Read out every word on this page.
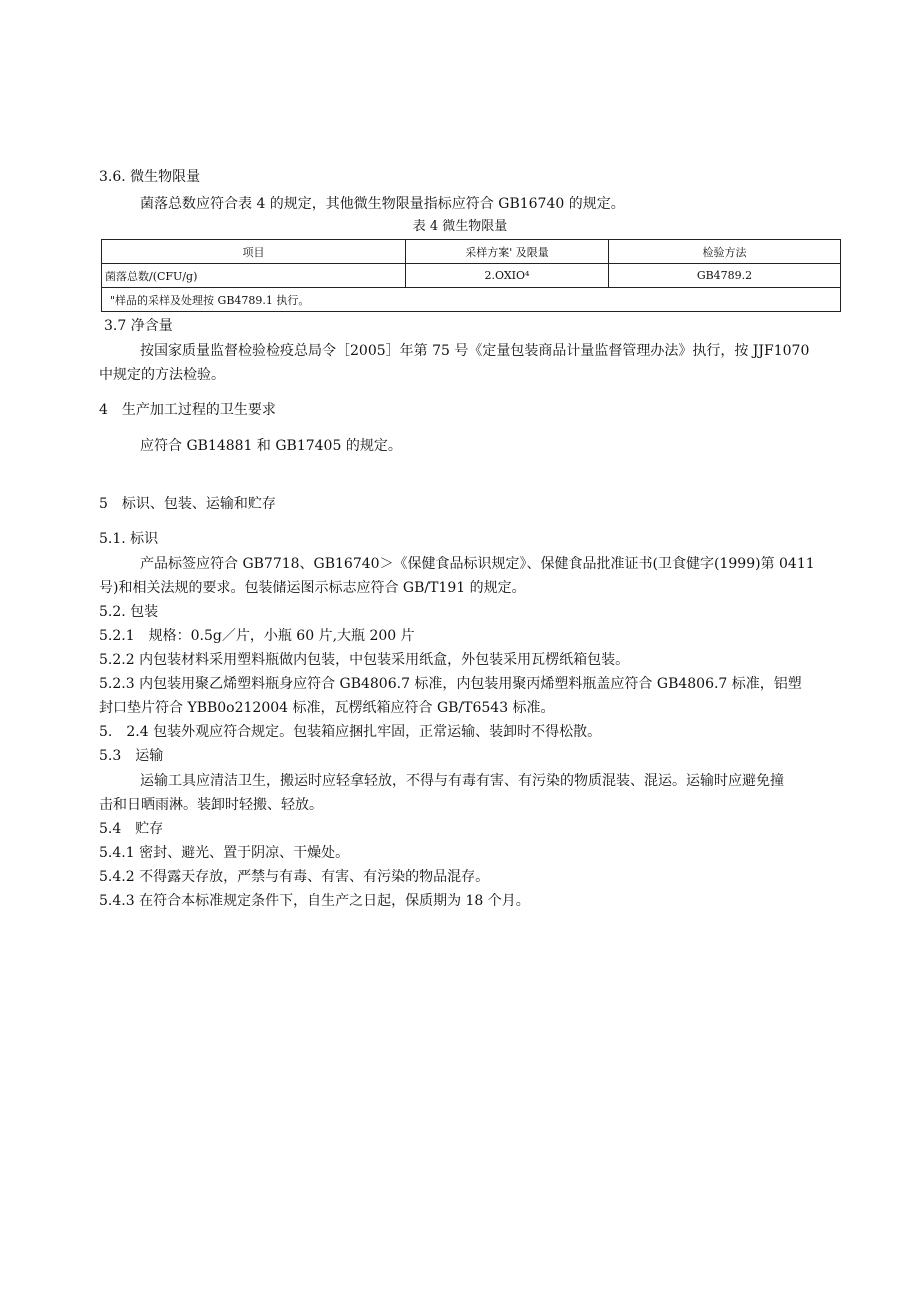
3.6. 微生物限量
菌落总数应符合表 4 的规定，其他微生物限量指标应符合 GB16740 的规定。
表 4 微生物限量
项目	采样方案' 及限量	检验方法
菌落总数/(CFU/g)	2.OXIO⁴	GB4789.2
"样品的采样及处理按 GB4789.1 执行。		
3.7 净含量
按国家质量监督检验检疫总局令［2005］年第 75 号《定量包装商品计量监督管理办法》执行，按 JJF1070
中规定的方法检验。
4　生产加工过程的卫生要求
应符合 GB14881 和 GB17405 的规定。
5　标识、包装、运输和贮存
5.1. 标识
产品标签应符合 GB7718、GB16740＞《保健食品标识规定》、保健食品批准证书(卫食健字(1999)第 0411
号)和相关法规的要求。包装储运图示标志应符合 GB/T191 的规定。
5.2. 包装
5.2.1　规格：0.5g／片，小瓶 60 片,大瓶 200 片
5.2.2 内包装材料采用塑料瓶做内包装，中包装采用纸盒，外包装采用瓦楞纸箱包装。
5.2.3 内包装用聚乙烯塑料瓶身应符合 GB4806.7 标准，内包装用聚丙烯塑料瓶盖应符合 GB4806.7 标准，铝塑
封口垫片符合 YBB0o212004 标准，瓦楞纸箱应符合 GB/T6543 标准。
5.　2.4 包装外观应符合规定。包装箱应捆扎牢固，正常运输、装卸时不得松散。
5.3　运输
运输工具应清洁卫生，搬运时应轻拿轻放，不得与有毒有害、有污染的物质混装、混运。运输时应避免撞
击和日晒雨淋。装卸时轻搬、轻放。
5.4　贮存
5.4.1 密封、避光、置于阴凉、干燥处。
5.4.2 不得露天存放，严禁与有毒、有害、有污染的物品混存。
5.4.3 在符合本标准规定条件下，自生产之日起，保质期为 18 个月。
